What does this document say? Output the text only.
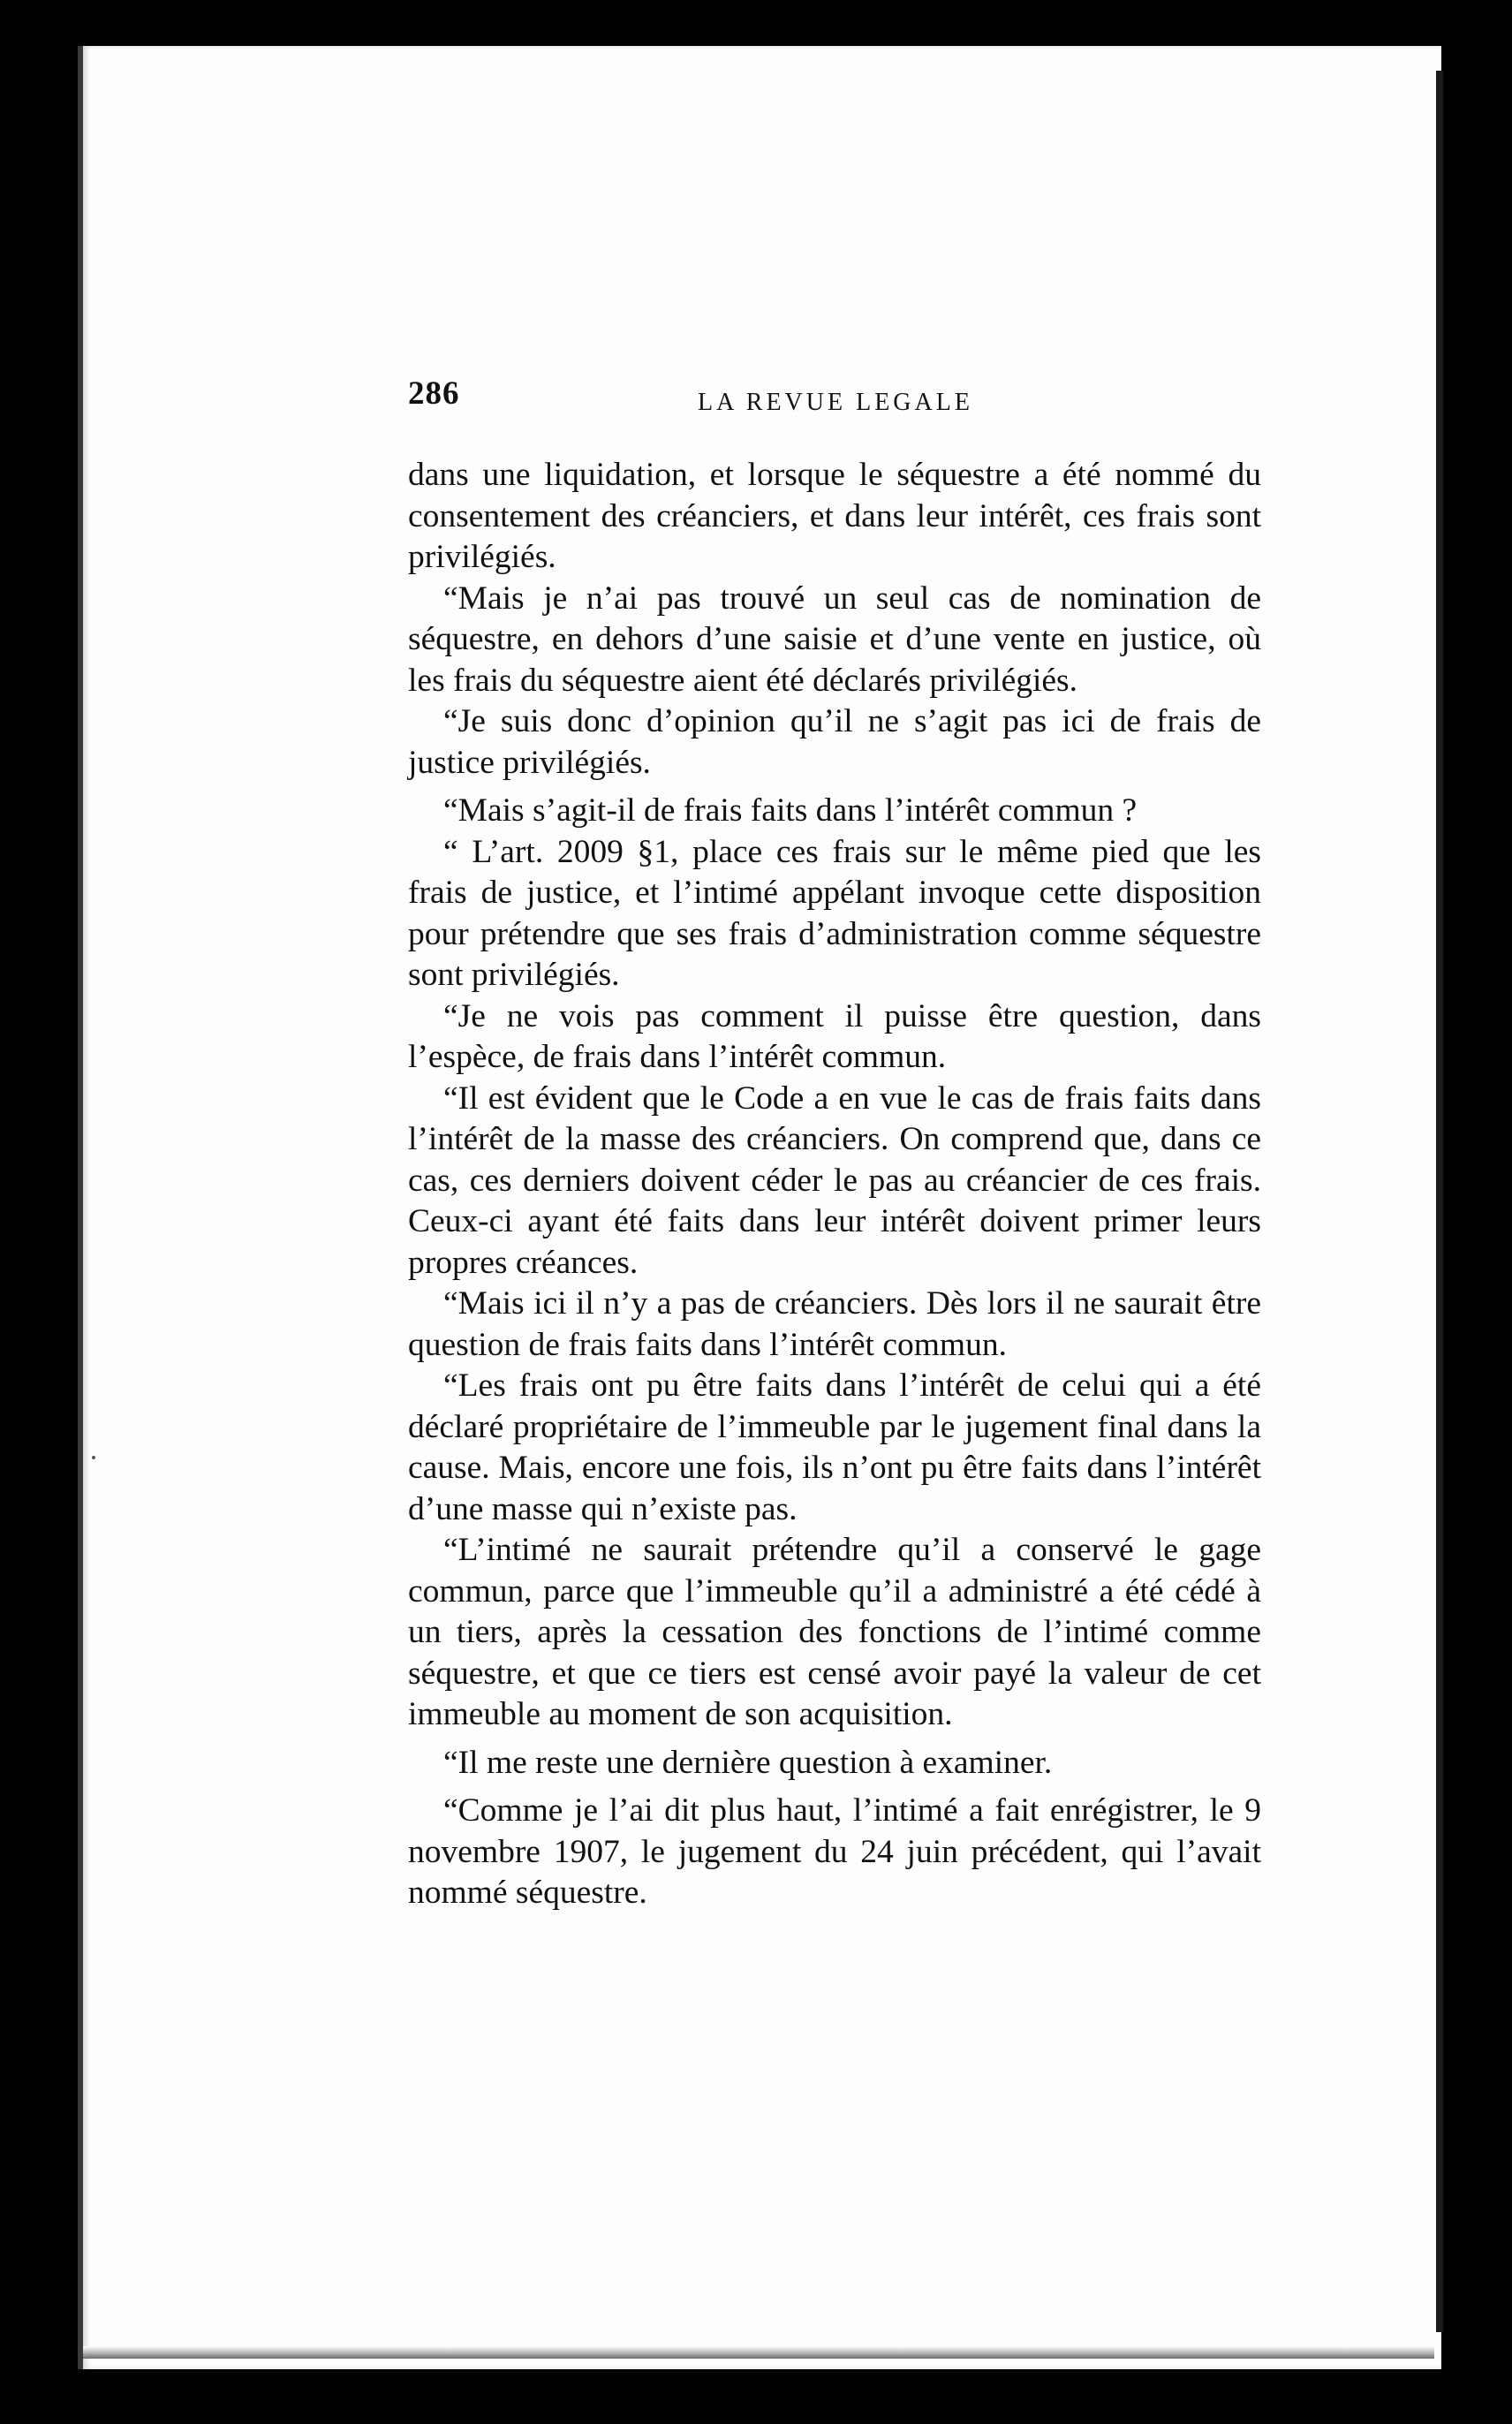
286	LA REVUE LEGALE

dans une liquidation, et lorsque le séquestre a été nommé du consentement des créanciers, et dans leur intérêt, ces frais sont privilégiés.

“Mais je n’ai pas trouvé un seul cas de nomination de séquestre, en dehors d’une saisie et d’une vente en justice, où les frais du séquestre aient été déclarés privilégiés.

“Je suis donc d’opinion qu’il ne s’agit pas ici de frais de justice privilégiés.

“Mais s’agit-il de frais faits dans l’intérêt commun ?

“ L’art. 2009 §1, place ces frais sur le même pied que les frais de justice, et l’intimé appélant invoque cette disposition pour prétendre que ses frais d’administration comme séquestre sont privilégiés.

“Je ne vois pas comment il puisse être question, dans l’espèce, de frais dans l’intérêt commun.

“Il est évident que le Code a en vue le cas de frais faits dans l’intérêt de la masse des créanciers. On comprend que, dans ce cas, ces derniers doivent céder le pas au créancier de ces frais. Ceux-ci ayant été faits dans leur intérêt doivent primer leurs propres créances.

“Mais ici il n’y a pas de créanciers. Dès lors il ne saurait être question de frais faits dans l’intérêt commun.

“Les frais ont pu être faits dans l’intérêt de celui qui a été déclaré propriétaire de l’immeuble par le jugement final dans la cause. Mais, encore une fois, ils n’ont pu être faits dans l’intérêt d’une masse qui n’existe pas.

“L’intimé ne saurait prétendre qu’il a conservé le gage commun, parce que l’immeuble qu’il a administré a été cédé à un tiers, après la cessation des fonctions de l’intimé comme séquestre, et que ce tiers est censé avoir payé la valeur de cet immeuble au moment de son acquisition.

“Il me reste une dernière question à examiner.

“Comme je l’ai dit plus haut, l’intimé a fait enrégistrer, le 9 novembre 1907, le jugement du 24 juin précédent, qui l’avait nommé séquestre.
